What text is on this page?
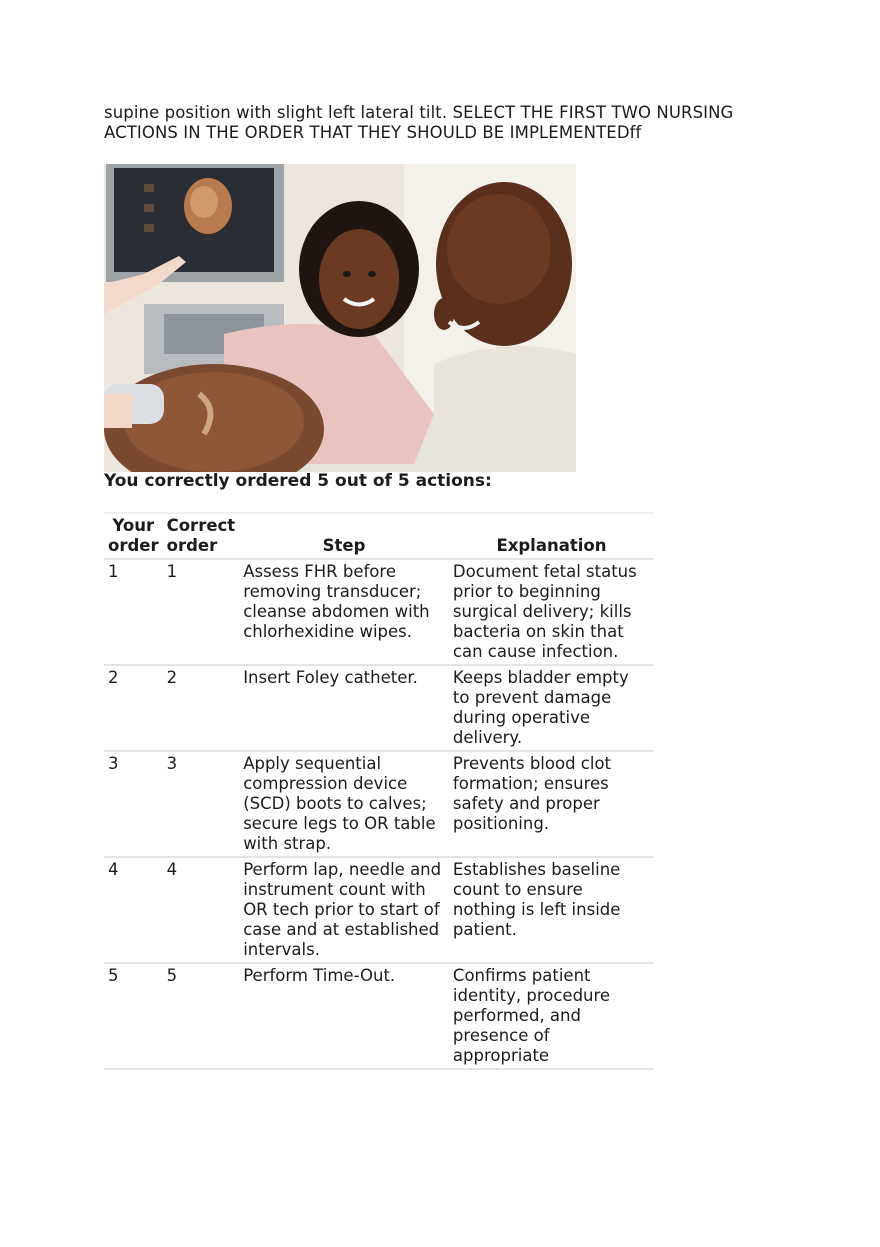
supine position with slight left lateral tilt. SELECT THE FIRST TWO NURSING
ACTIONS IN THE ORDER THAT THEY SHOULD BE IMPLEMENTEDff
You correctly ordered 5 out of 5 actions:
Your order	Correct order	Step	Explanation
1	1	Assess FHR before removing transducer; cleanse abdomen with chlorhexidine wipes.	Document fetal status prior to beginning surgical delivery; kills bacteria on skin that can cause infection.
2	2	Insert Foley catheter.	Keeps bladder empty to prevent damage during operative delivery.
3	3	Apply sequential compression device (SCD) boots to calves; secure legs to OR table with strap.	Prevents blood clot formation; ensures safety and proper positioning.
4	4	Perform lap, needle and instrument count with OR tech prior to start of case and at established intervals.	Establishes baseline count to ensure nothing is left inside patient.
5	5	Perform Time-Out.	Confirms patient identity, procedure performed, and presence of appropriate
